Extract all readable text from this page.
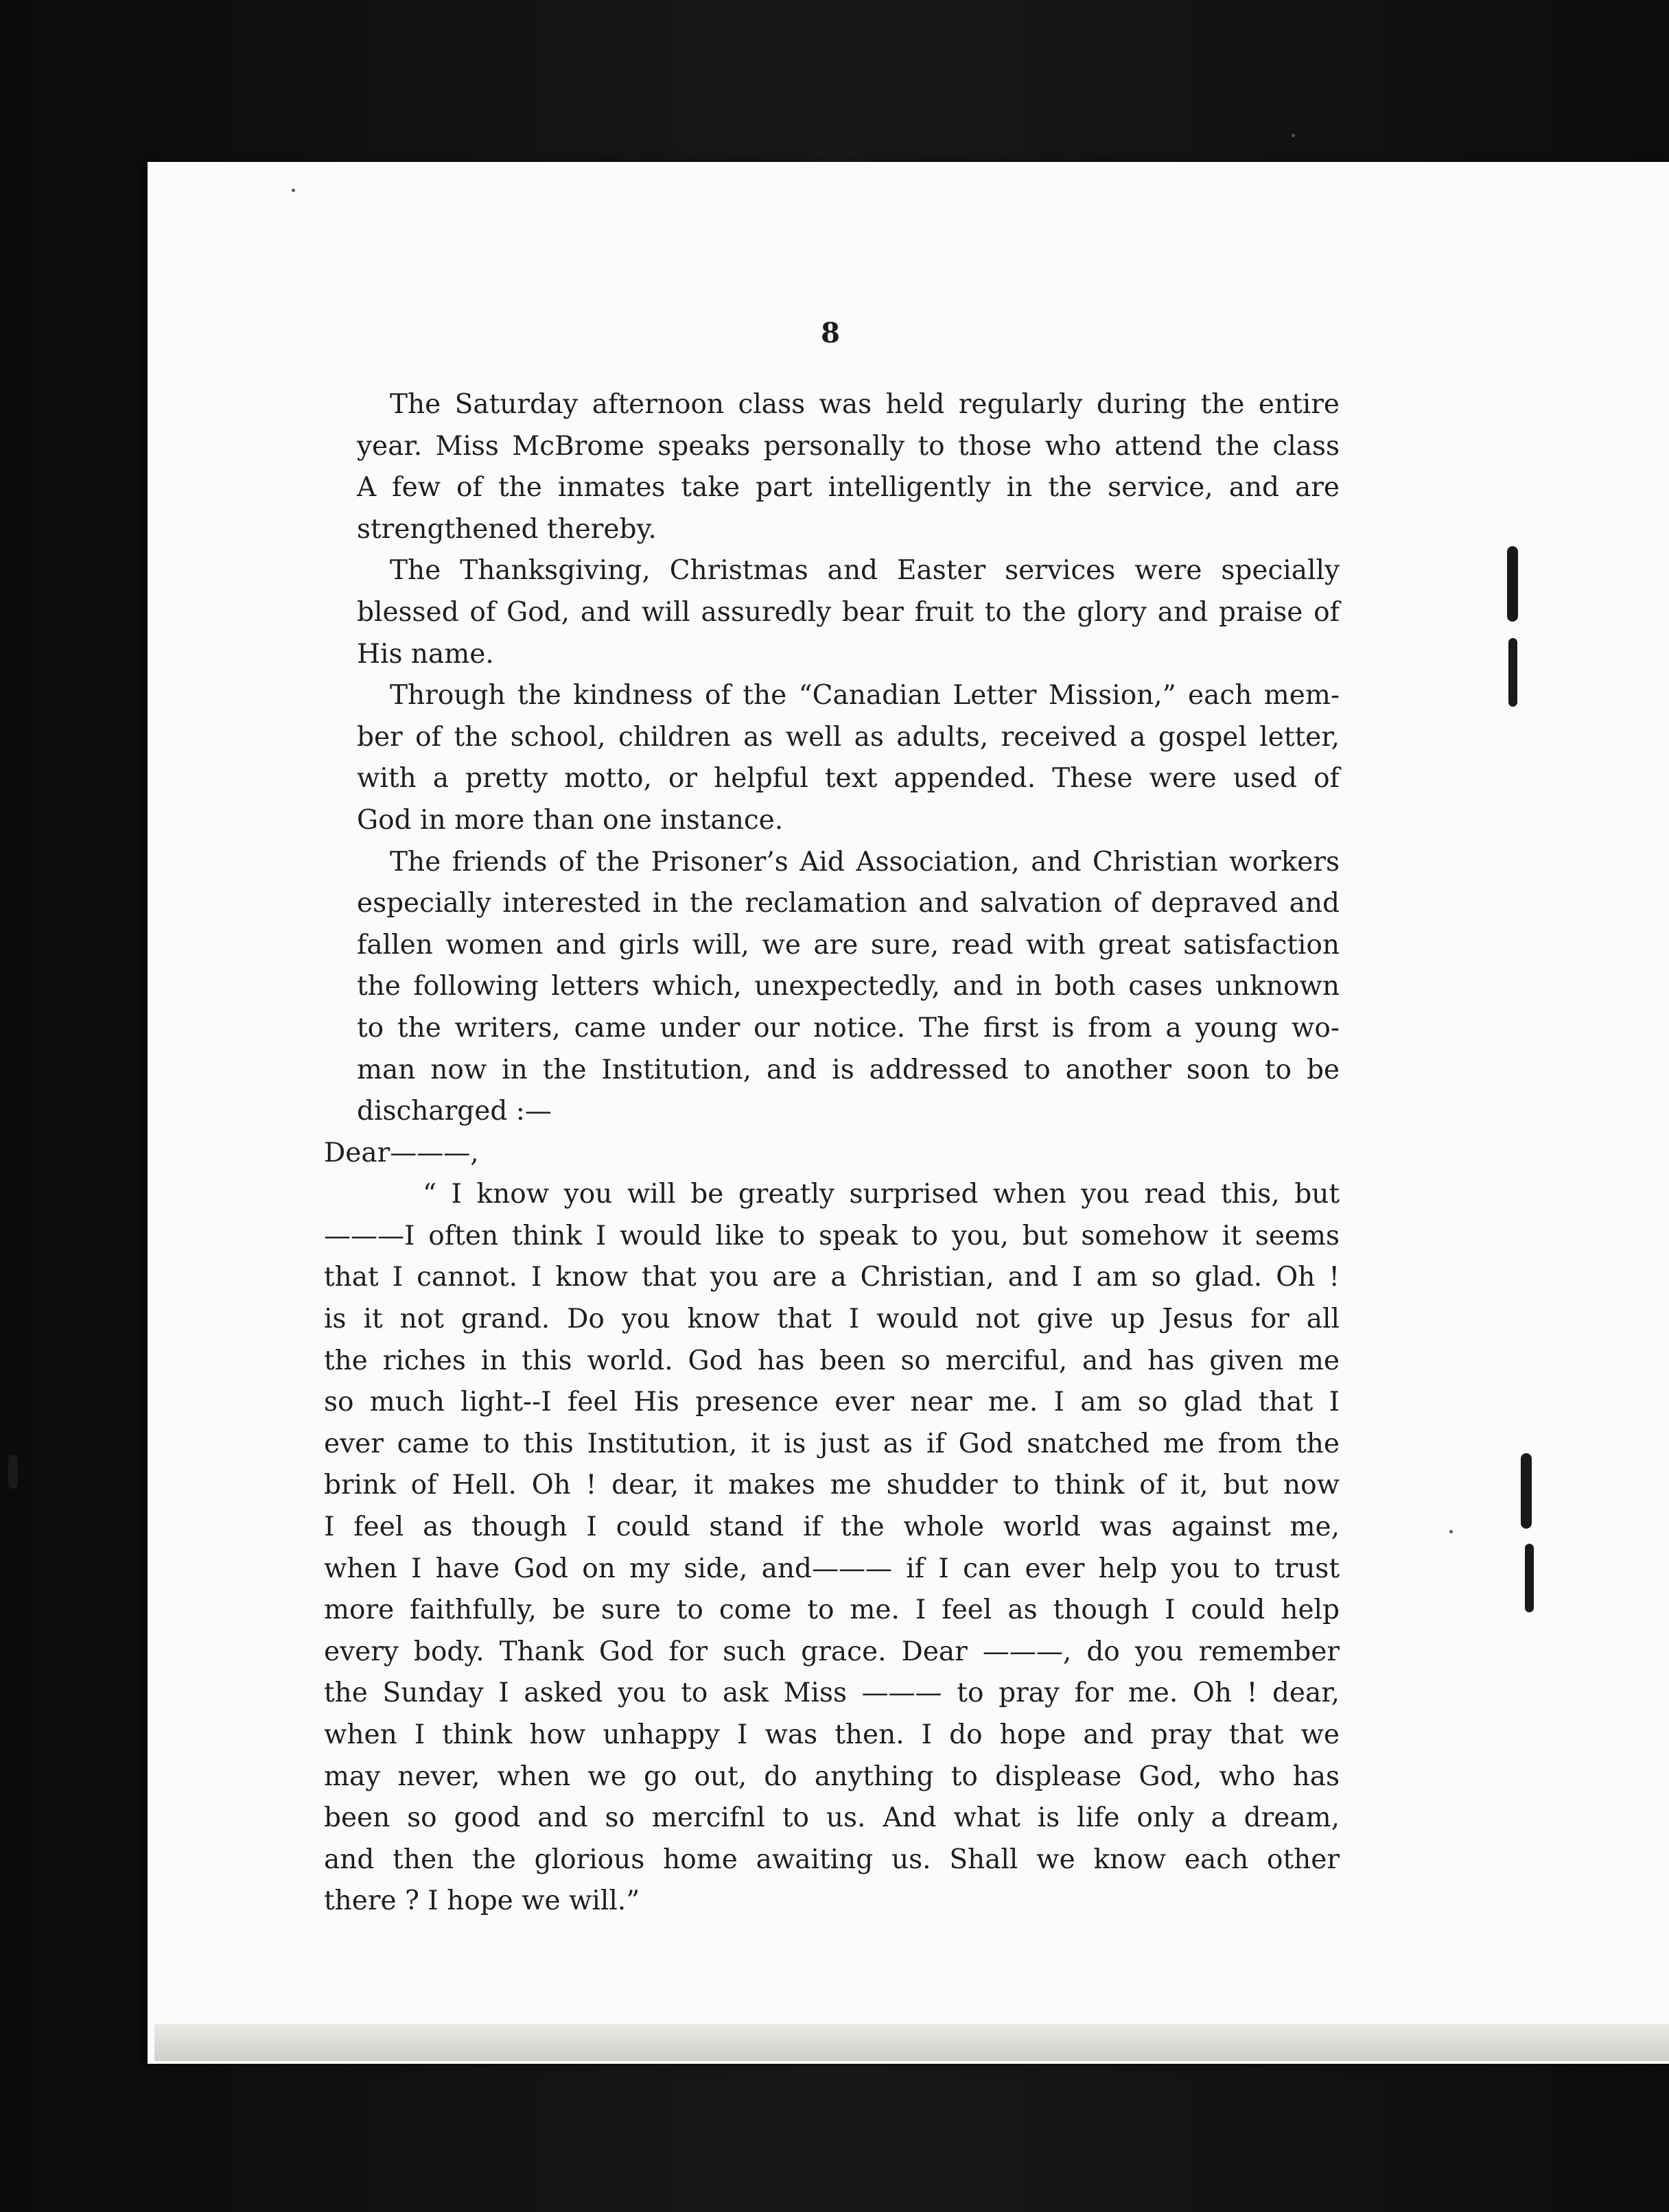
8
The Saturday afternoon class was held regularly during the entire
year. Miss McBrome speaks personally to those who attend the class
A few of the inmates take part intelligently in the service, and are
strengthened thereby.
The Thanksgiving, Christmas and Easter services were specially
blessed of God, and will assuredly bear fruit to the glory and praise of
His name.
Through the kindness of the “Canadian Letter Mission,” each mem-
ber of the school, children as well as adults, received a gospel letter,
with a pretty motto, or helpful text appended. These were used of
God in more than one instance.
The friends of the Prisoner’s Aid Association, and Christian workers
especially interested in the reclamation and salvation of depraved and
fallen women and girls will, we are sure, read with great satisfaction
the following letters which, unexpectedly, and in both cases unknown
to the writers, came under our notice. The first is from a young wo-
man now in the Institution, and is addressed to another soon to be
discharged :—
Dear———,
“ I know you will be greatly surprised when you read this, but
———I often think I would like to speak to you, but somehow it seems
that I cannot. I know that you are a Christian, and I am so glad. Oh !
is it not grand. Do you know that I would not give up Jesus for all
the riches in this world. God has been so merciful, and has given me
so much light--I feel His presence ever near me. I am so glad that I
ever came to this Institution, it is just as if God snatched me from the
brink of Hell. Oh ! dear, it makes me shudder to think of it, but now
I feel as though I could stand if the whole world was against me,
when I have God on my side, and——— if I can ever help you to trust
more faithfully, be sure to come to me. I feel as though I could help
every body. Thank God for such grace. Dear ———, do you remember
the Sunday I asked you to ask Miss ——— to pray for me. Oh ! dear,
when I think how unhappy I was then. I do hope and pray that we
may never, when we go out, do anything to displease God, who has
been so good and so mercifnl to us. And what is life only a dream,
and then the glorious home awaiting us. Shall we know each other
there ? I hope we will.”
